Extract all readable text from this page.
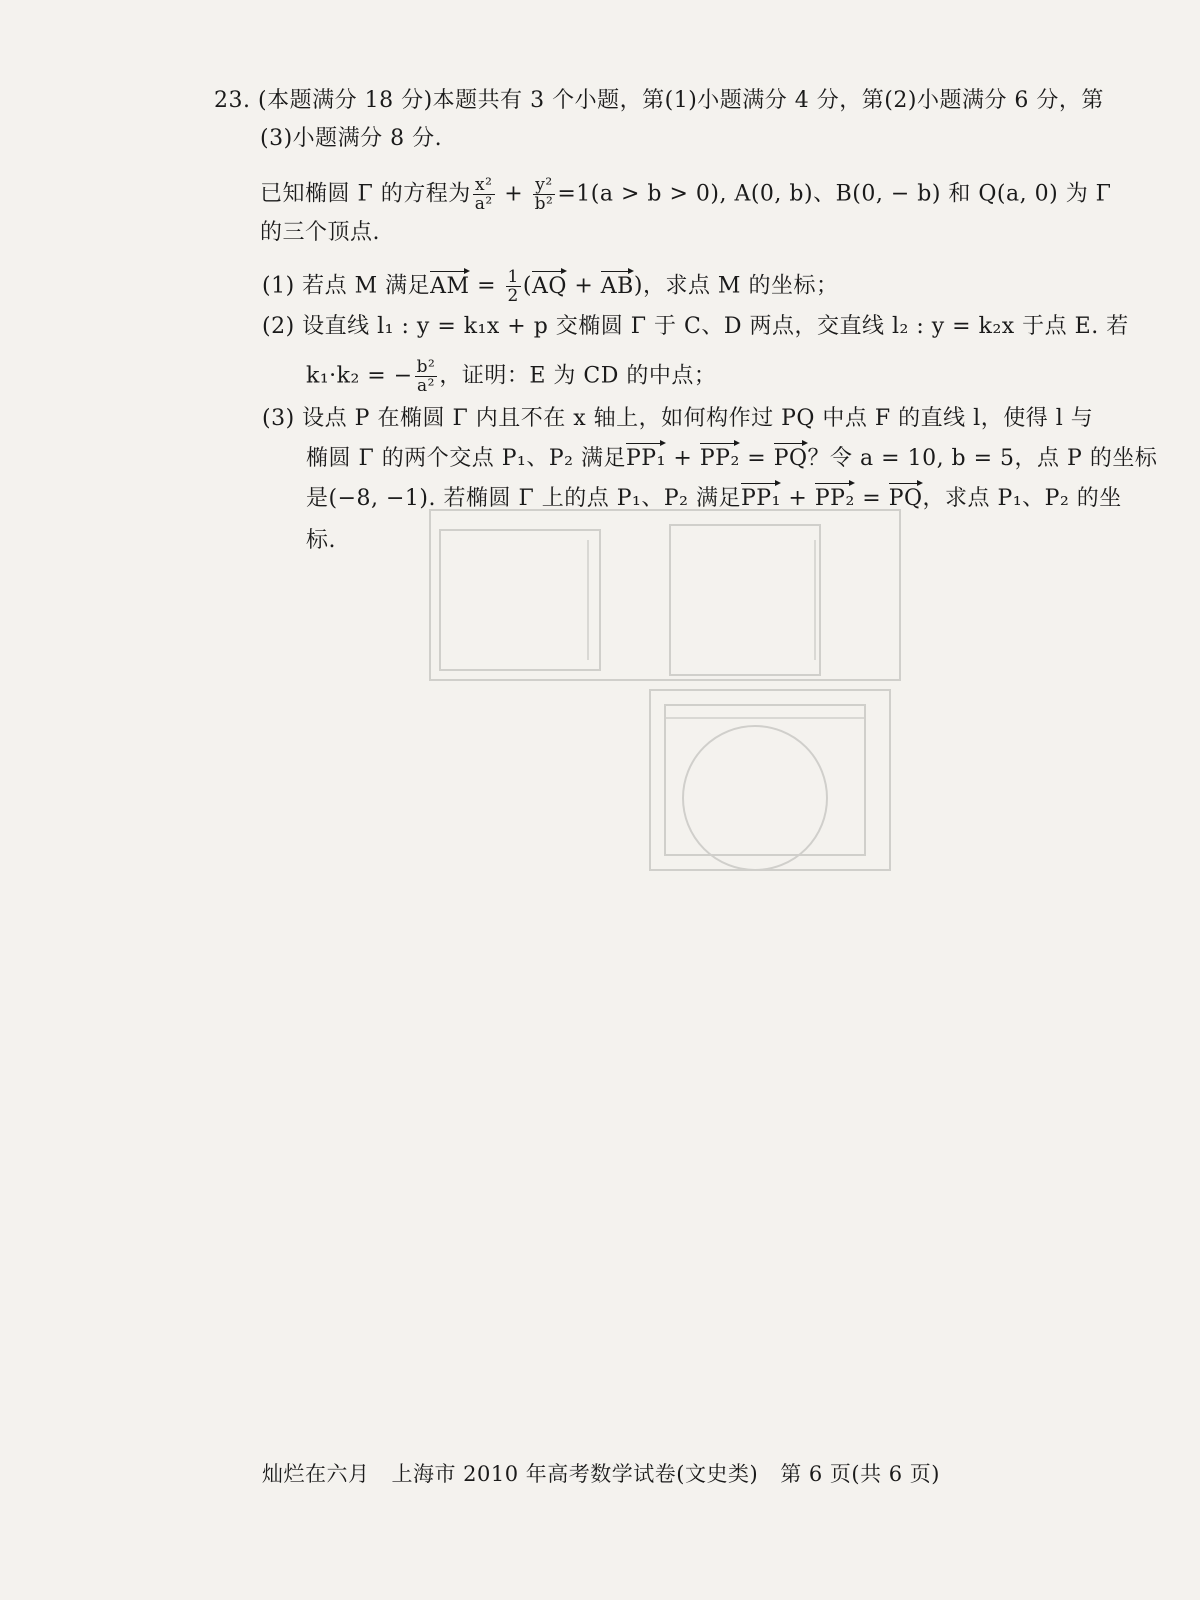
23. (本题满分 18 分)本题共有 3 个小题，第(1)小题满分 4 分，第(2)小题满分 6 分，第
(3)小题满分 8 分.
已知椭圆 Γ 的方程为 $\frac{\text{x²}}{\text{a²}} + \frac{\text{y²}}{\text{b²}} =1(a > b > 0)$, A(0, b)、B(0, − b) 和 Q(a, 0) 为 Γ
的三个顶点.
(1) 若点 M 满足AM = $\frac{1}{2} (AQ + AB)$，求点 M 的坐标；
(2) 设直线 l₁ : y = k₁x + p 交椭圆 Γ 于 C、D 两点，交直线 l₂ : y = k₂x 于点 E. 若
k₁·k₂ = − $\frac{\text{b²}}{\text{a²}}$ ，证明：E 为 CD 的中点；
(3) 设点 P 在椭圆 Γ 内且不在 x 轴上，如何构作过 PQ 中点 F 的直线 l，使得 l 与
椭圆 Γ 的两个交点 P₁、P₂ 满足PP₁ + PP₂ = PQ？令 a = 10, b = 5，点 P 的坐标
是(−8, −1). 若椭圆 Γ 上的点 P₁、P₂ 满足PP₁ + PP₂ = PQ，求点 P₁、P₂ 的坐
标.
灿烂在六月 上海市 2010 年高考数学试卷(文史类) 第 6 页(共 6 页)
